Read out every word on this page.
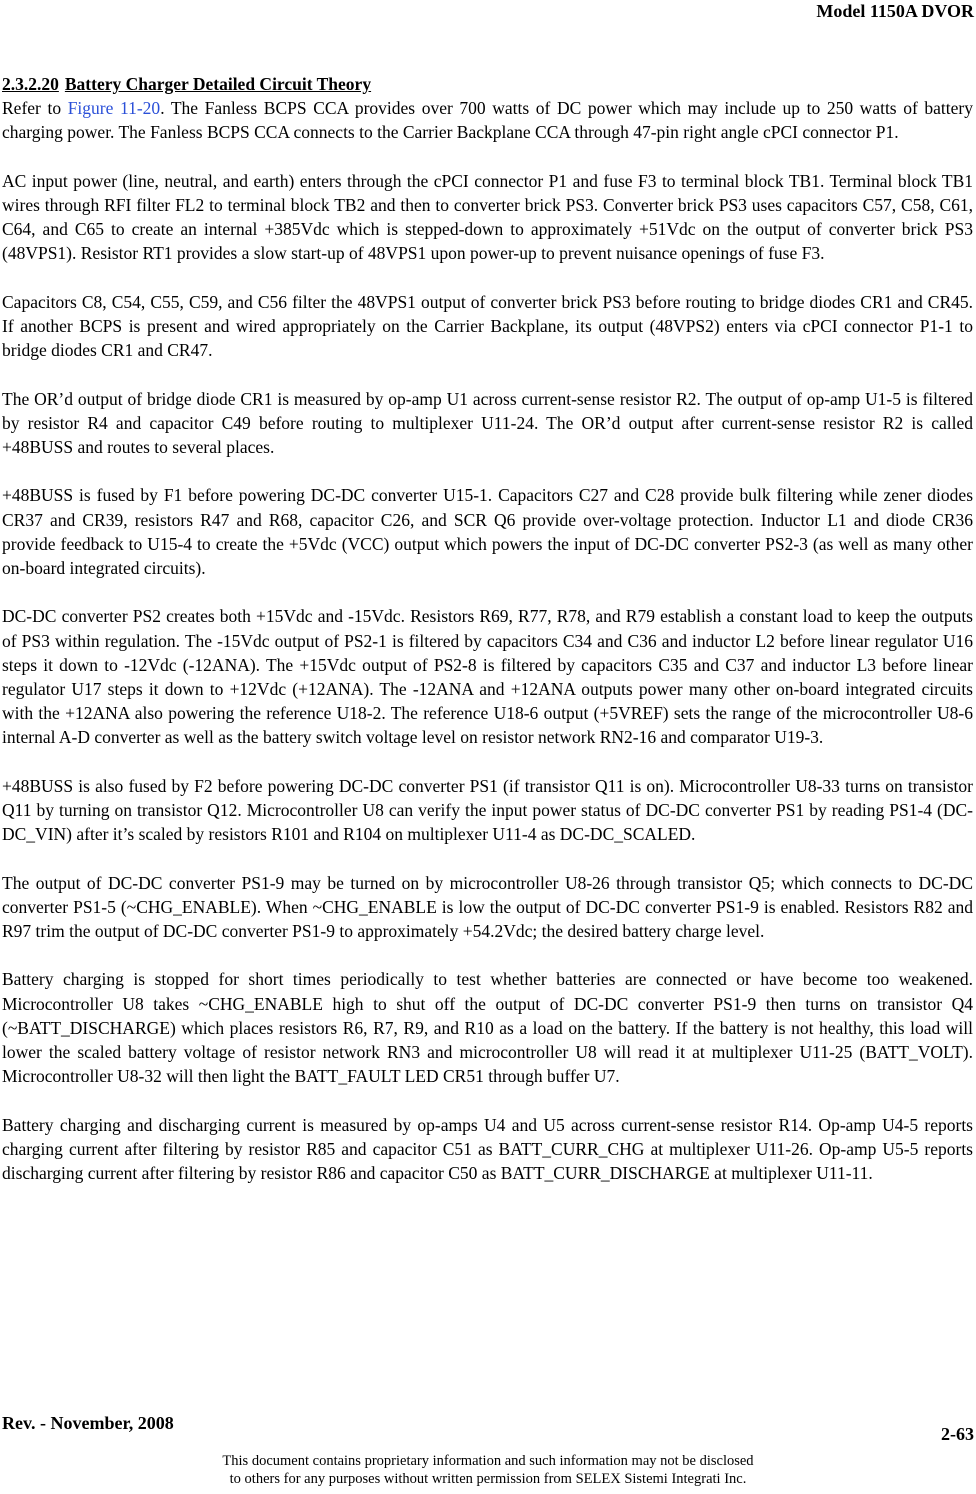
Model 1150A DVOR

2.3.2.20 Battery Charger Detailed Circuit Theory

Refer to Figure 11-20. The Fanless BCPS CCA provides over 700 watts of DC power which may include up to 250 watts of battery charging power. The Fanless BCPS CCA connects to the Carrier Backplane CCA through 47-pin right angle cPCI connector P1.

AC input power (line, neutral, and earth) enters through the cPCI connector P1 and fuse F3 to terminal block TB1. Terminal block TB1 wires through RFI filter FL2 to terminal block TB2 and then to converter brick PS3. Converter brick PS3 uses capacitors C57, C58, C61, C64, and C65 to create an internal +385Vdc which is stepped-down to approximately +51Vdc on the output of converter brick PS3 (48VPS1). Resistor RT1 provides a slow start-up of 48VPS1 upon power-up to prevent nuisance openings of fuse F3.

Capacitors C8, C54, C55, C59, and C56 filter the 48VPS1 output of converter brick PS3 before routing to bridge diodes CR1 and CR45. If another BCPS is present and wired appropriately on the Carrier Backplane, its output (48VPS2) enters via cPCI connector P1-1 to bridge diodes CR1 and CR47.

The OR’d output of bridge diode CR1 is measured by op-amp U1 across current-sense resistor R2. The output of op-amp U1-5 is filtered by resistor R4 and capacitor C49 before routing to multiplexer U11-24. The OR’d output after current-sense resistor R2 is called +48BUSS and routes to several places.

+48BUSS is fused by F1 before powering DC-DC converter U15-1. Capacitors C27 and C28 provide bulk filtering while zener diodes CR37 and CR39, resistors R47 and R68, capacitor C26, and SCR Q6 provide over-voltage protection. Inductor L1 and diode CR36 provide feedback to U15-4 to create the +5Vdc (VCC) output which powers the input of DC-DC converter PS2-3 (as well as many other on-board integrated circuits).

DC-DC converter PS2 creates both +15Vdc and -15Vdc. Resistors R69, R77, R78, and R79 establish a constant load to keep the outputs of PS3 within regulation. The -15Vdc output of PS2-1 is filtered by capacitors C34 and C36 and inductor L2 before linear regulator U16 steps it down to -12Vdc (-12ANA). The +15Vdc output of PS2-8 is filtered by capacitors C35 and C37 and inductor L3 before linear regulator U17 steps it down to +12Vdc (+12ANA). The -12ANA and +12ANA outputs power many other on-board integrated circuits with the +12ANA also powering the reference U18-2. The reference U18-6 output (+5VREF) sets the range of the microcontroller U8-6 internal A-D converter as well as the battery switch voltage level on resistor network RN2-16 and comparator U19-3.

+48BUSS is also fused by F2 before powering DC-DC converter PS1 (if transistor Q11 is on). Microcontroller U8-33 turns on transistor Q11 by turning on transistor Q12. Microcontroller U8 can verify the input power status of DC-DC converter PS1 by reading PS1-4 (DC-DC_VIN) after it’s scaled by resistors R101 and R104 on multiplexer U11-4 as DC-DC_SCALED.

The output of DC-DC converter PS1-9 may be turned on by microcontroller U8-26 through transistor Q5; which connects to DC-DC converter PS1-5 (~CHG_ENABLE). When ~CHG_ENABLE is low the output of DC-DC converter PS1-9 is enabled. Resistors R82 and R97 trim the output of DC-DC converter PS1-9 to approximately +54.2Vdc; the desired battery charge level.

Battery charging is stopped for short times periodically to test whether batteries are connected or have become too weakened. Microcontroller U8 takes ~CHG_ENABLE high to shut off the output of DC-DC converter PS1-9 then turns on transistor Q4 (~BATT_DISCHARGE) which places resistors R6, R7, R9, and R10 as a load on the battery. If the battery is not healthy, this load will lower the scaled battery voltage of resistor network RN3 and microcontroller U8 will read it at multiplexer U11-25 (BATT_VOLT). Microcontroller U8-32 will then light the BATT_FAULT LED CR51 through buffer U7.

Battery charging and discharging current is measured by op-amps U4 and U5 across current-sense resistor R14. Op-amp U4-5 reports charging current after filtering by resistor R85 and capacitor C51 as BATT_CURR_CHG at multiplexer U11-26. Op-amp U5-5 reports discharging current after filtering by resistor R86 and capacitor C50 as BATT_CURR_DISCHARGE at multiplexer U11-11.

Rev. - November, 2008
2-63
This document contains proprietary information and such information may not be disclosed
to others for any purposes without written permission from SELEX Sistemi Integrati Inc.
